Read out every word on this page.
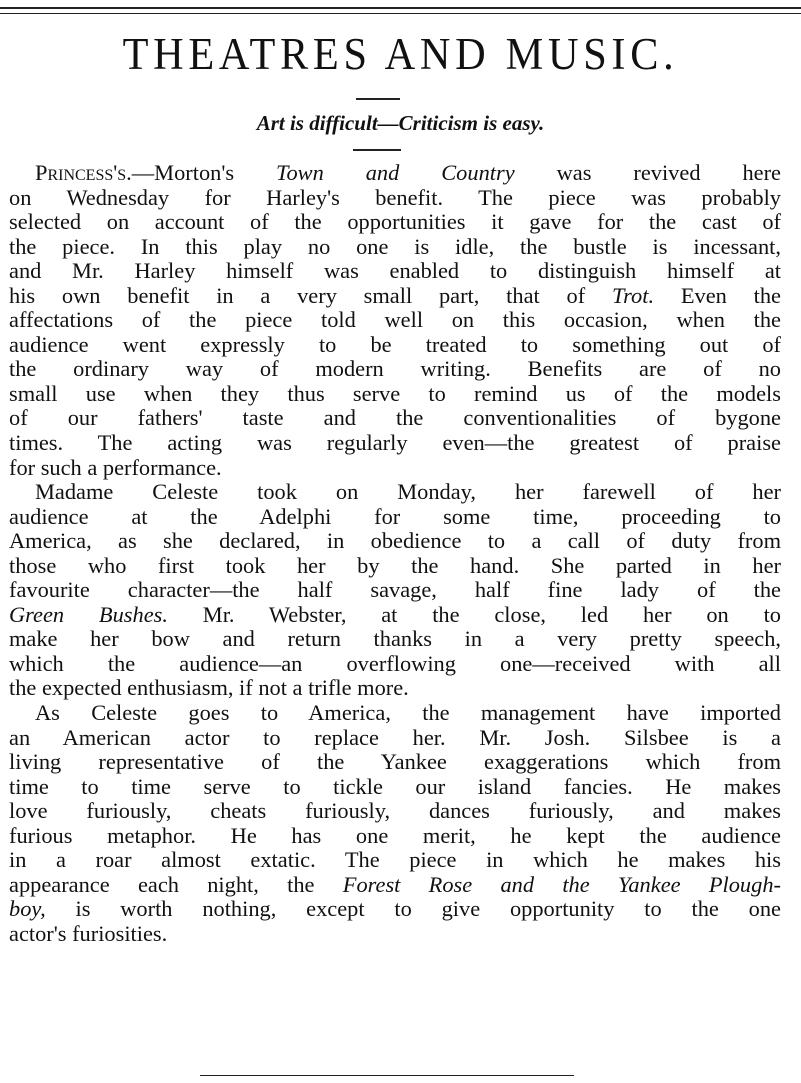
THEATRES AND MUSIC.
Art is difficult—Criticism is easy.
Princess's.—Morton's Town and Country was revived here
on Wednesday for Harley's benefit. The piece was probably
selected on account of the opportunities it gave for the cast of
the piece. In this play no one is idle, the bustle is incessant,
and Mr. Harley himself was enabled to distinguish himself at
his own benefit in a very small part, that of Trot. Even the
affectations of the piece told well on this occasion, when the
audience went expressly to be treated to something out of
the ordinary way of modern writing. Benefits are of no
small use when they thus serve to remind us of the models
of our fathers' taste and the conventionalities of bygone
times. The acting was regularly even—the greatest of praise
for such a performance.
Madame Celeste took on Monday, her farewell of her
audience at the Adelphi for some time, proceeding to
America, as she declared, in obedience to a call of duty from
those who first took her by the hand. She parted in her
favourite character—the half savage, half fine lady of the
Green Bushes. Mr. Webster, at the close, led her on to
make her bow and return thanks in a very pretty speech,
which the audience—an overflowing one—received with all
the expected enthusiasm, if not a trifle more.
As Celeste goes to America, the management have imported
an American actor to replace her. Mr. Josh. Silsbee is a
living representative of the Yankee exaggerations which from
time to time serve to tickle our island fancies. He makes
love furiously, cheats furiously, dances furiously, and makes
furious metaphor. He has one merit, he kept the audience
in a roar almost extatic. The piece in which he makes his
appearance each night, the Forest Rose and the Yankee Plough-
boy, is worth nothing, except to give opportunity to the one
actor's furiosities.
